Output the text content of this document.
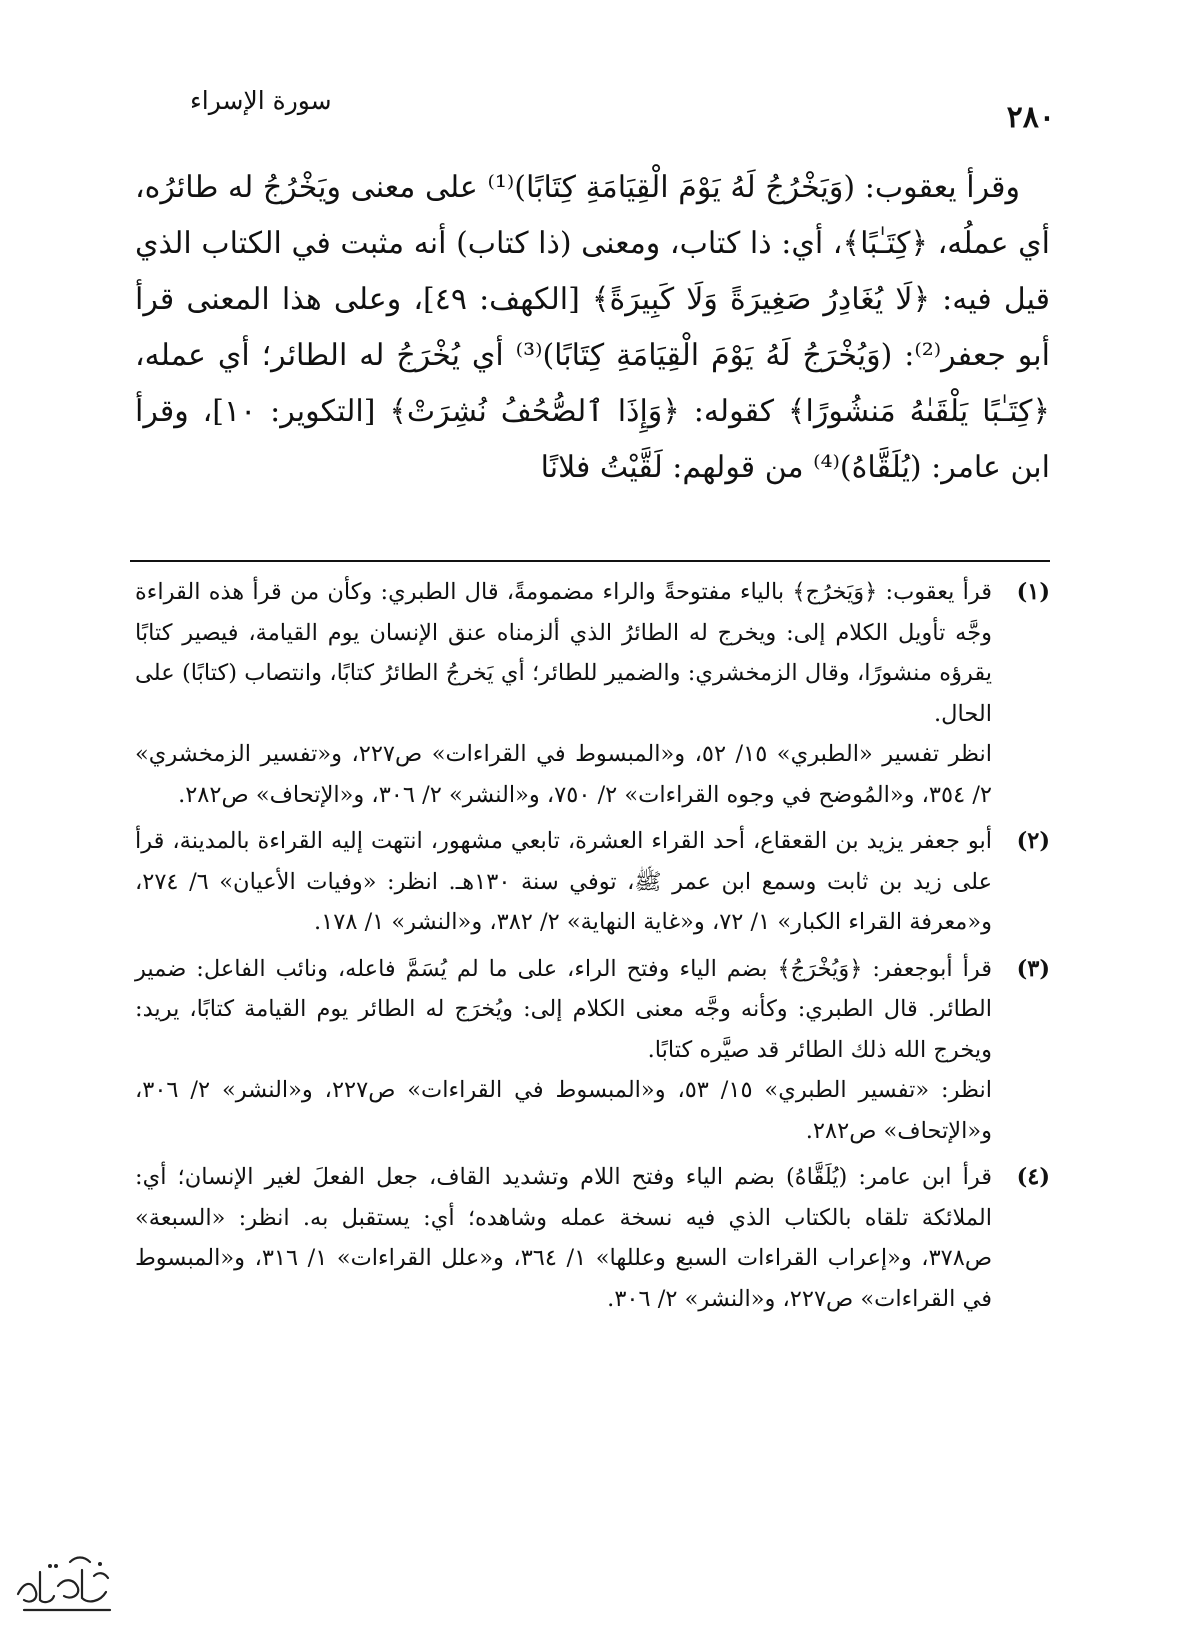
سورة الإسراء	٢٨٠

وقرأ يعقوب: (وَيَخْرُجُ لَهُ يَوْمَ الْقِيَامَةِ كِتَابًا)⁽¹⁾ على معنى ويَخْرُجُ له طائرُه، أي عملُه، ﴿كِتَـٰبًا﴾، أي: ذا كتاب، ومعنى (ذا كتاب) أنه مثبت في الكتاب الذي قيل فيه: ﴿لَا يُغَادِرُ صَغِيرَةً وَلَا كَبِيرَةً﴾ [الكهف: ٤٩]، وعلى هذا المعنى قرأ أبو جعفر⁽²⁾: (وَيُخْرَجُ لَهُ يَوْمَ الْقِيَامَةِ كِتَابًا)⁽³⁾ أي يُخْرَجُ له الطائر؛ أي عمله، ﴿كِتَـٰبًا يَلْقَىٰهُ مَنشُورًا﴾ كقوله: ﴿وَإِذَا ٱلصُّحُفُ نُشِرَتْ﴾ [التكوير: ١٠]، وقرأ ابن عامر: (يُلَقَّاهُ)⁽⁴⁾ من قولهم: لَقَّيْتُ فلانًا

(١)
قرأ يعقوب: ﴿وَيَخرُج﴾ بالياء مفتوحةً والراء مضمومةً، قال الطبري: وكأن من قرأ هذه القراءة وجَّه تأويل الكلام إلى: ويخرج له الطائرُ الذي ألزمناه عنق الإنسان يوم القيامة، فيصير كتابًا يقرؤه منشورًا، وقال الزمخشري: والضمير للطائر؛ أي يَخرجُ الطائرُ كتابًا، وانتصاب (كتابًا) على الحال.
انظر تفسير «الطبري» ١٥/ ٥٢، و«المبسوط في القراءات» ص٢٢٧، و«تفسير الزمخشري» ٢/ ٣٥٤، و«المُوضح في وجوه القراءات» ٢/ ٧٥٠، و«النشر» ٢/ ٣٠٦، و«الإتحاف» ص٢٨٢.
(٢)
أبو جعفر يزيد بن القعقاع، أحد القراء العشرة، تابعي مشهور، انتهت إليه القراءة بالمدينة، قرأ على زيد بن ثابت وسمع ابن عمر ﷺ، توفي سنة ١٣٠هـ. انظر: «وفيات الأعيان» ٦/ ٢٧٤، و«معرفة القراء الكبار» ١/ ٧٢، و«غاية النهاية» ٢/ ٣٨٢، و«النشر» ١/ ١٧٨.
(٣)
قرأ أبوجعفر: ﴿وَيُخْرَجُ﴾ بضم الياء وفتح الراء، على ما لم يُسَمَّ فاعله، ونائب الفاعل: ضمير الطائر. قال الطبري: وكأنه وجَّه معنى الكلام إلى: ويُخرَج له الطائر يوم القيامة كتابًا، يريد: ويخرج الله ذلك الطائر قد صيَّره كتابًا.
انظر: «تفسير الطبري» ١٥/ ٥٣، و«المبسوط في القراءات» ص٢٢٧، و«النشر» ٢/ ٣٠٦، و«الإتحاف» ص٢٨٢.
(٤)
قرأ ابن عامر: (يُلَقَّاهُ) بضم الياء وفتح اللام وتشديد القاف، جعل الفعلَ لغير الإنسان؛ أي: الملائكة تلقاه بالكتاب الذي فيه نسخة عمله وشاهده؛ أي: يستقبل به. انظر: «السبعة» ص٣٧٨، و«إعراب القراءات السبع وعللها» ١/ ٣٦٤، و«علل القراءات» ١/ ٣١٦، و«المبسوط في القراءات» ص٢٢٧، و«النشر» ٢/ ٣٠٦.
